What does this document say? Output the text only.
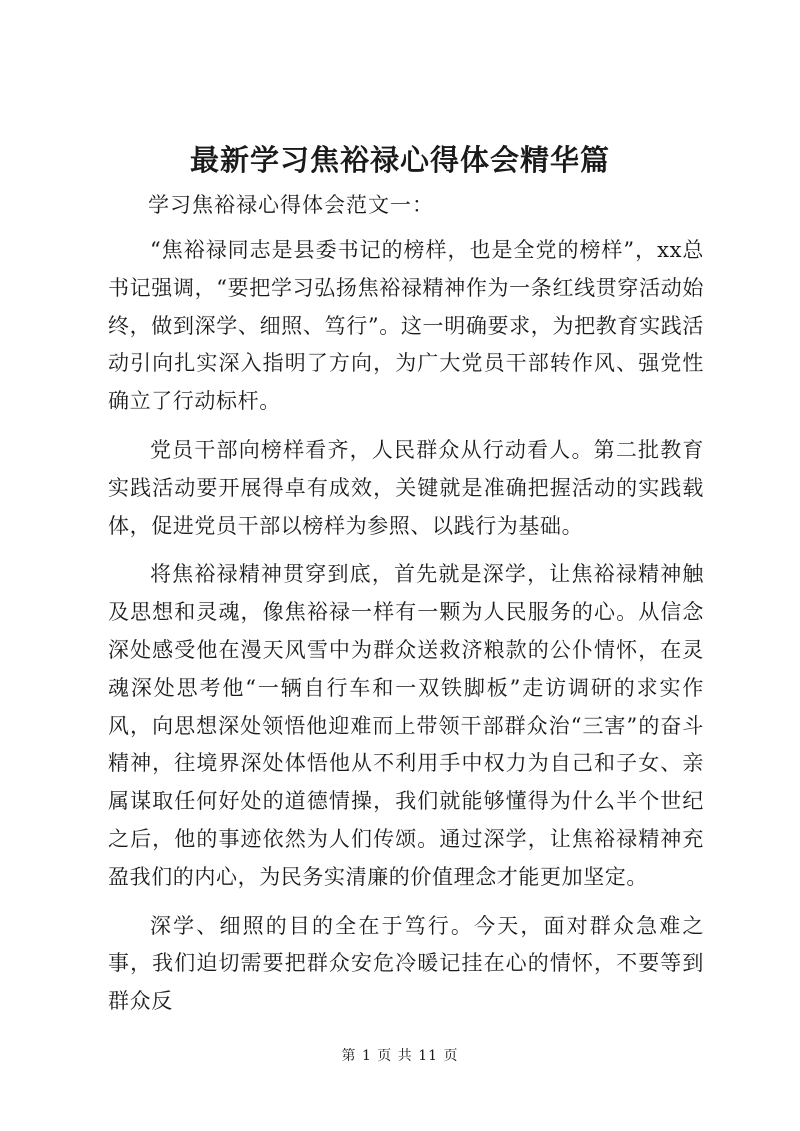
最新学习焦裕禄心得体会精华篇
学习焦裕禄心得体会范文一：

“焦裕禄同志是县委书记的榜样，也是全党的榜样”，xx总书记强调，“要把学习弘扬焦裕禄精神作为一条红线贯穿活动始终，做到深学、细照、笃行”。这一明确要求，为把教育实践活动引向扎实深入指明了方向，为广大党员干部转作风、强党性确立了行动标杆。

党员干部向榜样看齐，人民群众从行动看人。第二批教育实践活动要开展得卓有成效，关键就是准确把握活动的实践载体，促进党员干部以榜样为参照、以践行为基础。

将焦裕禄精神贯穿到底，首先就是深学，让焦裕禄精神触及思想和灵魂，像焦裕禄一样有一颗为人民服务的心。从信念深处感受他在漫天风雪中为群众送救济粮款的公仆情怀，在灵魂深处思考他“一辆自行车和一双铁脚板”走访调研的求实作风，向思想深处领悟他迎难而上带领干部群众治“三害”的奋斗精神，往境界深处体悟他从不利用手中权力为自己和子女、亲属谋取任何好处的道德情操，我们就能够懂得为什么半个世纪之后，他的事迹依然为人们传颂。通过深学，让焦裕禄精神充盈我们的内心，为民务实清廉的价值理念才能更加坚定。

深学、细照的目的全在于笃行。今天，面对群众急难之事，我们迫切需要把群众安危冷暖记挂在心的情怀，不要等到群众反

第 1 页 共 11 页
